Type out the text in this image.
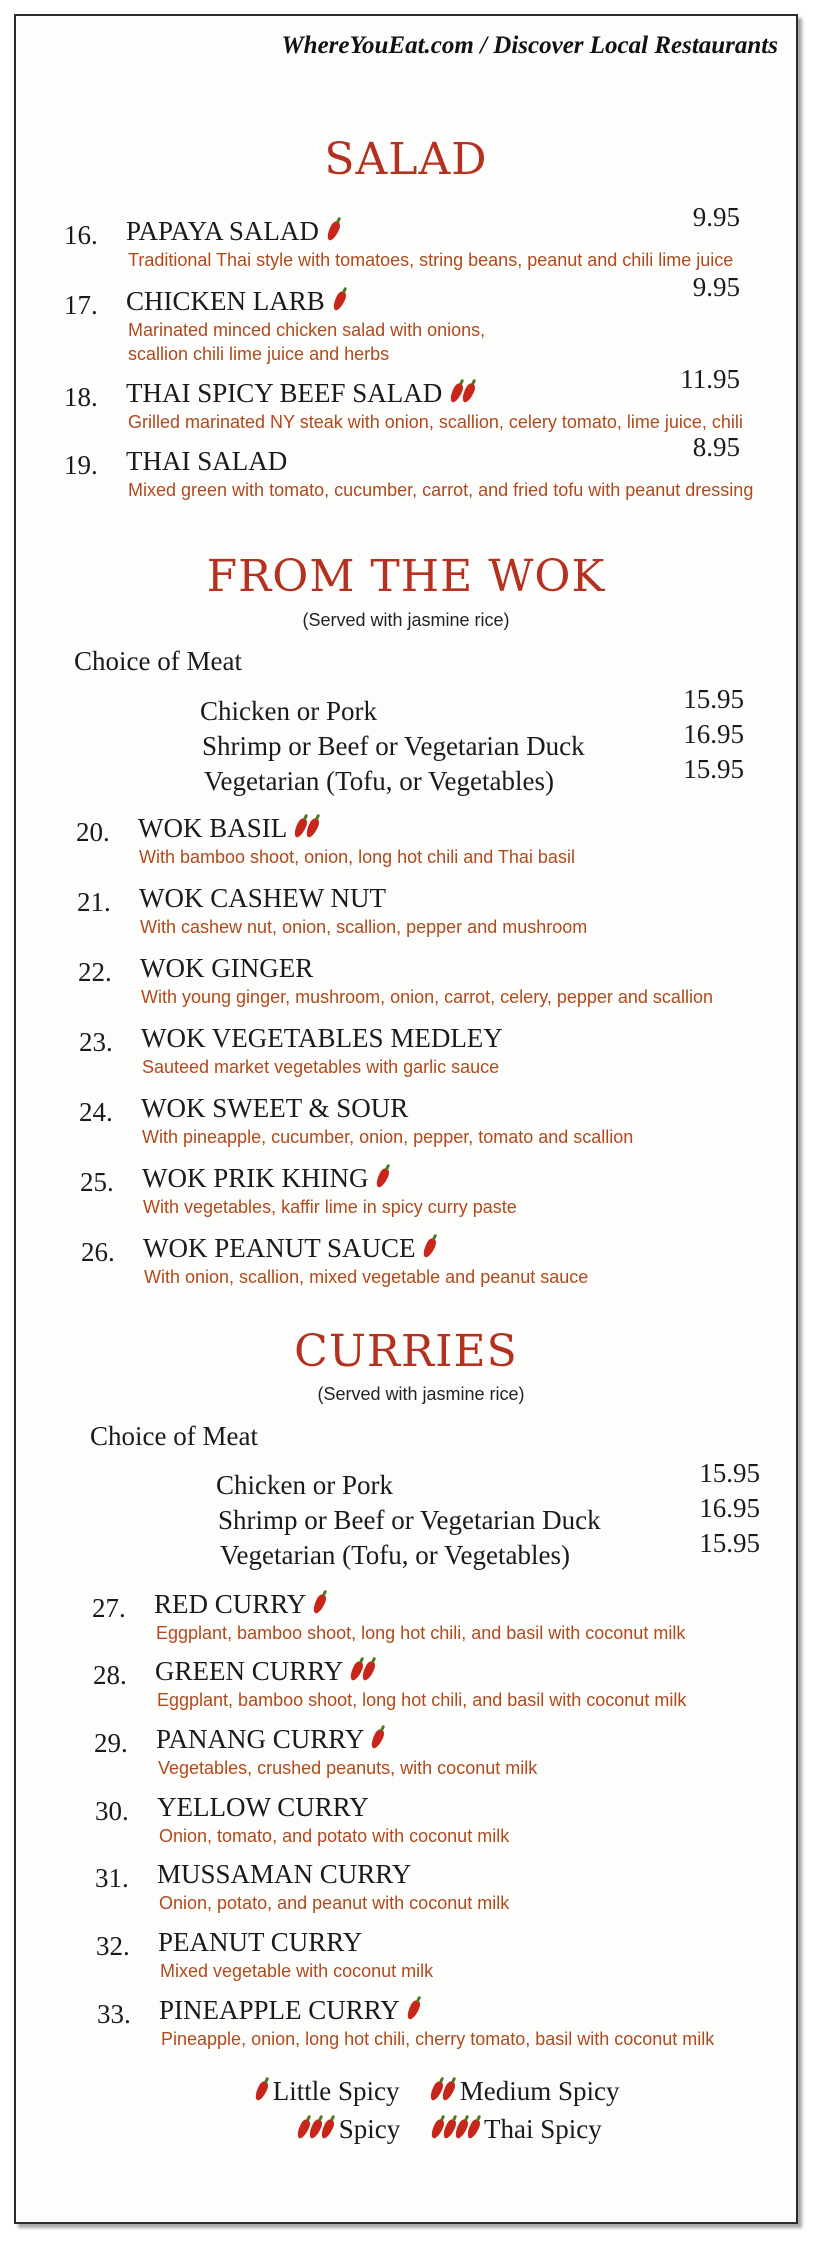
WhereYouEat.com / Discover Local Restaurants
SALAD
16. PAPAYA SALAD	9.95
Traditional Thai style with tomatoes, string beans, peanut and chili lime juice
17. CHICKEN LARB	9.95
Marinated minced chicken salad with onions,
scallion chili lime juice and herbs
18. THAI SPICY BEEF SALAD	11.95
Grilled marinated NY steak with onion, scallion, celery tomato, lime juice, chili
19. THAI SALAD	8.95
Mixed green with tomato, cucumber, carrot, and fried tofu with peanut dressing
FROM THE WOK
(Served with jasmine rice)
Choice of Meat
Chicken or Pork	15.95
Shrimp or Beef or Vegetarian Duck	16.95
Vegetarian (Tofu, or Vegetables)	15.95
20. WOK BASIL
With bamboo shoot, onion, long hot chili and Thai basil
21. WOK CASHEW NUT
With cashew nut, onion, scallion, pepper and mushroom
22. WOK GINGER
With young ginger, mushroom, onion, carrot, celery, pepper and scallion
23. WOK VEGETABLES MEDLEY
Sauteed market vegetables with garlic sauce
24. WOK SWEET & SOUR
With pineapple, cucumber, onion, pepper, tomato and scallion
25. WOK PRIK KHING
With vegetables, kaffir lime in spicy curry paste
26. WOK PEANUT SAUCE
With onion, scallion, mixed vegetable and peanut sauce
CURRIES
(Served with jasmine rice)
Choice of Meat
Chicken or Pork	15.95
Shrimp or Beef or Vegetarian Duck	16.95
Vegetarian (Tofu, or Vegetables)	15.95
27. RED CURRY
Eggplant, bamboo shoot, long hot chili, and basil with coconut milk
28. GREEN CURRY
Eggplant, bamboo shoot, long hot chili, and basil with coconut milk
29. PANANG CURRY
Vegetables, crushed peanuts, with coconut milk
30. YELLOW CURRY
Onion, tomato, and potato with coconut milk
31. MUSSAMAN CURRY
Onion, potato, and peanut with coconut milk
32. PEANUT CURRY
Mixed vegetable with coconut milk
33. PINEAPPLE CURRY
Pineapple, onion, long hot chili, cherry tomato, basil with coconut milk
Little Spicy Medium Spicy
Spicy	Thai Spicy
